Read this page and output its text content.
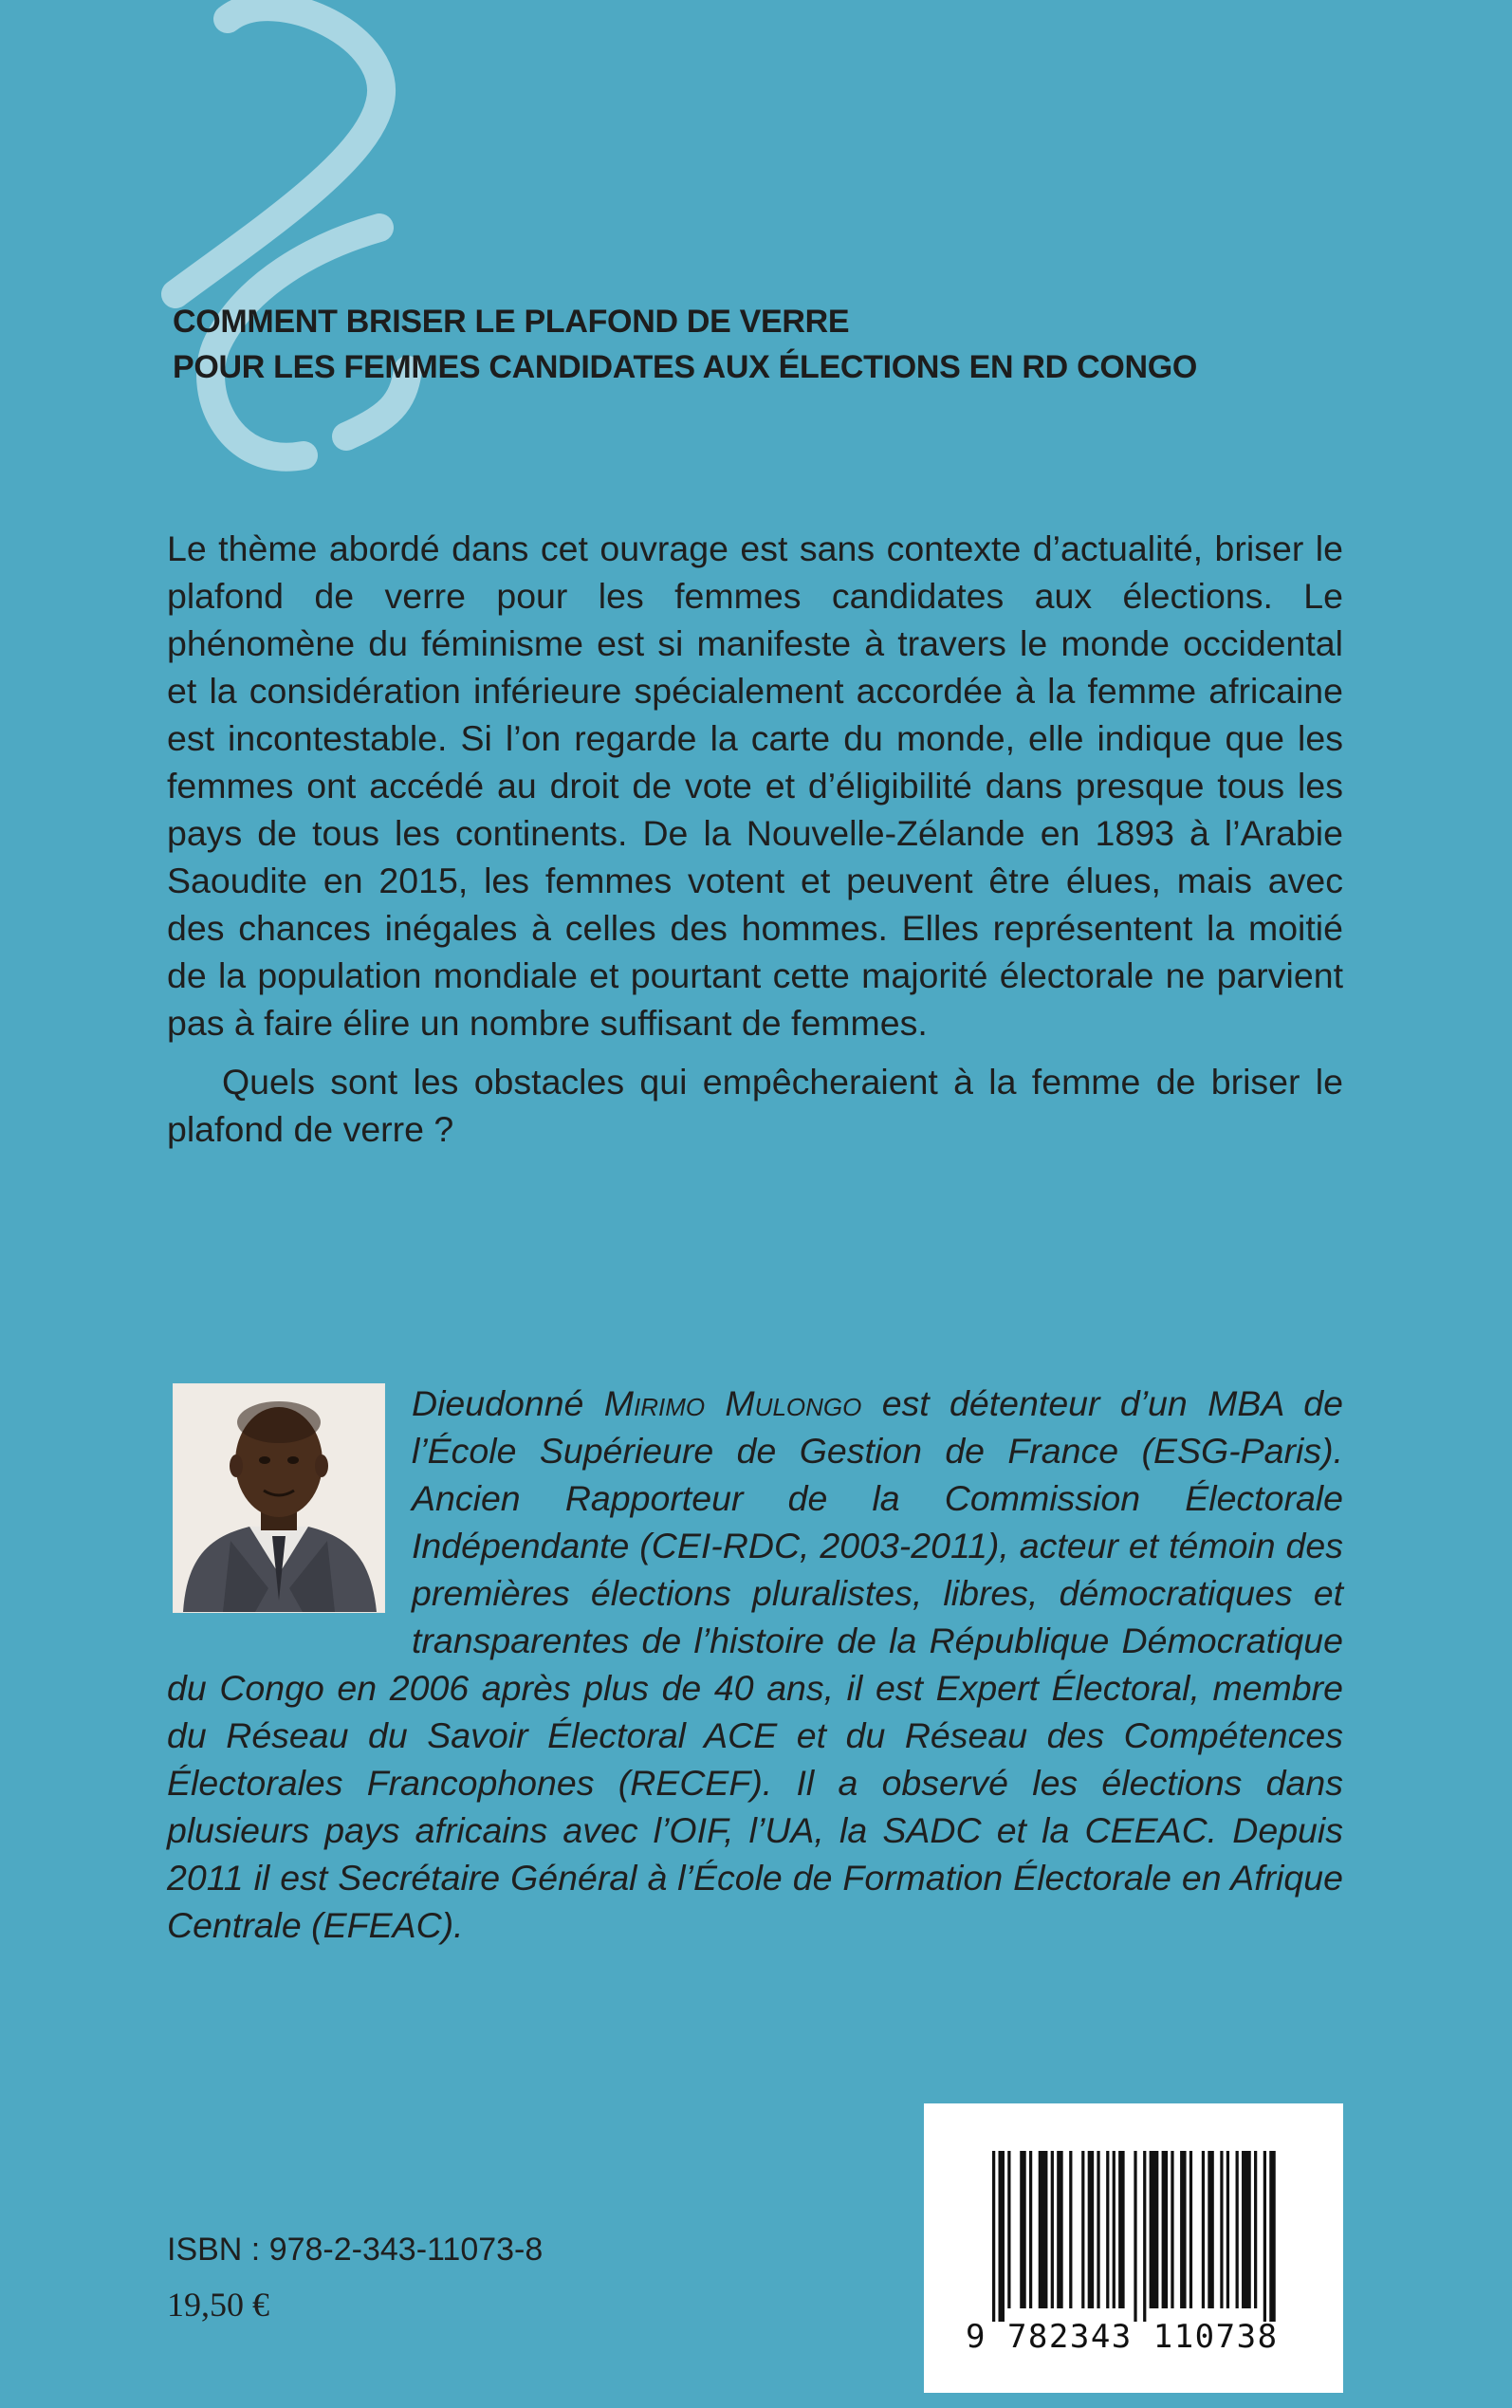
COMMENT BRISER LE PLAFOND DE VERRE
POUR LES FEMMES CANDIDATES AUX ÉLECTIONS EN RD CONGO

Le thème abordé dans cet ouvrage est sans contexte d’actualité, briser le plafond de verre pour les femmes candidates aux élections. Le phénomène du féminisme est si manifeste à travers le monde occidental et la considération inférieure spécialement accordée à la femme africaine est incontestable. Si l’on regarde la carte du monde, elle indique que les femmes ont accédé au droit de vote et d’éligibilité dans presque tous les pays de tous les continents. De la Nouvelle-Zélande en 1893 à l’Arabie Saoudite en 2015, les femmes votent et peuvent être élues, mais avec des chances inégales à celles des hommes. Elles représentent la moitié de la population mondiale et pourtant cette majorité électorale ne parvient pas à faire élire un nombre suffisant de femmes.

Quels sont les obstacles qui empêcheraient à la femme de briser le plafond de verre ?

Dieudonné Mirimo Mulongo est détenteur d’un MBA de l’École Supérieure de Gestion de France (ESG-Paris). Ancien Rapporteur de la Commission Électorale Indépendante (CEI-RDC, 2003-2011), acteur et témoin des premières élections pluralistes, libres, démocratiques et transparentes de l’histoire de la République Démocratique du Congo en 2006 après plus de 40 ans, il est Expert Électoral, membre du Réseau du Savoir Électoral ACE et du Réseau des Compétences Électorales Francophones (RECEF). Il a observé les élections dans plusieurs pays africains avec l’OIF, l’UA, la SADC et la CEEAC. Depuis 2011 il est Secrétaire Général à l’École de Formation Électorale en Afrique Centrale (EFEAC).
ISBN : 978-2-343-11073-8
19,50 €
9 782343 110738
